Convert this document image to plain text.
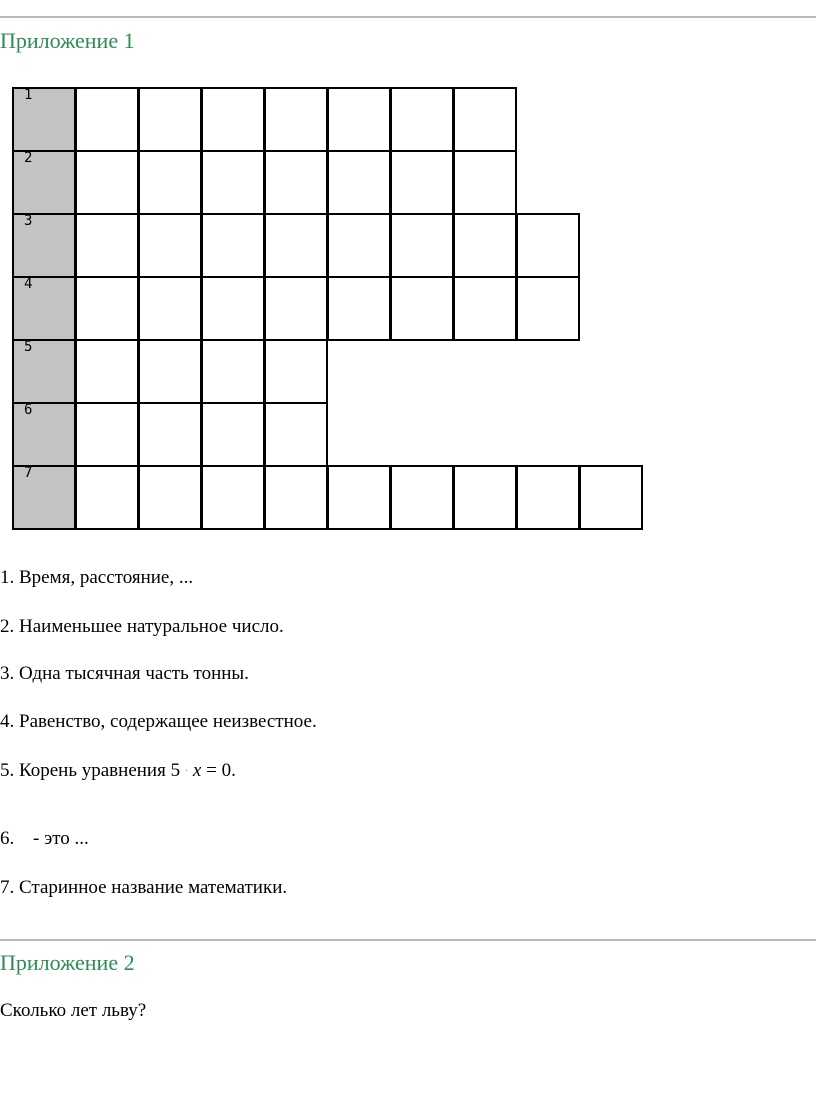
Приложение 1
1
2
3
4
5
6
7
1. Время, расстояние, ...
2. Наименьшее натуральное число.
3. Одна тысячная часть тонны.
4. Равенство, содержащее неизвестное.
5. Корень уравнения 5 · x = 0.
6. - это ...
7. Старинное название математики.
Приложение 2
Сколько лет льву?
